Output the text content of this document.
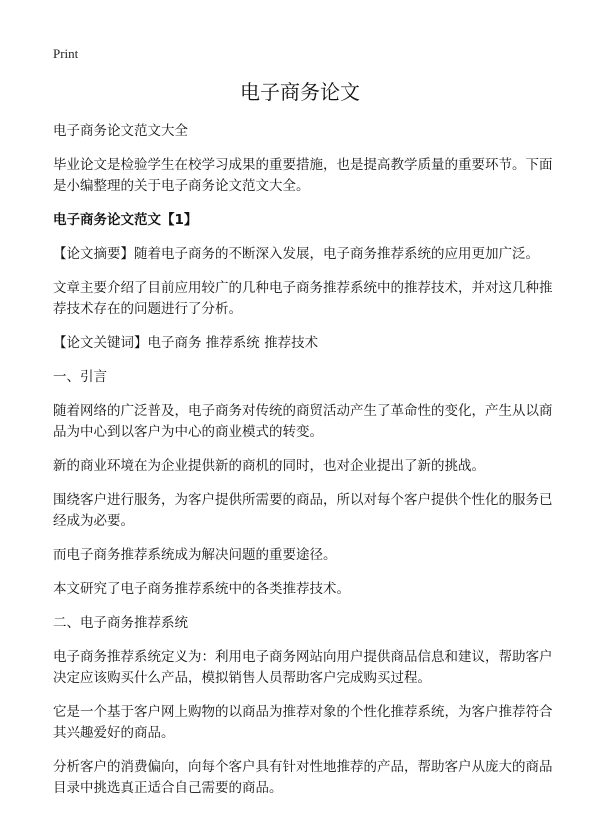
Print
电子商务论文

电子商务论文范文大全

毕业论文是检验学生在校学习成果的重要措施，也是提高教学质量的重要环节。下面是小编整理的关于电子商务论文范文大全。

电子商务论文范文【1】

【论文摘要】随着电子商务的不断深入发展，电子商务推荐系统的应用更加广泛。

文章主要介绍了目前应用较广的几种电子商务推荐系统中的推荐技术，并对这几种推荐技术存在的问题进行了分析。

【论文关键词】电子商务 推荐系统 推荐技术

一、引言

随着网络的广泛普及，电子商务对传统的商贸活动产生了革命性的变化，产生从以商品为中心到以客户为中心的商业模式的转变。

新的商业环境在为企业提供新的商机的同时，也对企业提出了新的挑战。

围绕客户进行服务，为客户提供所需要的商品，所以对每个客户提供个性化的服务已经成为必要。

而电子商务推荐系统成为解决问题的重要途径。

本文研究了电子商务推荐系统中的各类推荐技术。

二、电子商务推荐系统

电子商务推荐系统定义为：利用电子商务网站向用户提供商品信息和建议，帮助客户决定应该购买什么产品，模拟销售人员帮助客户完成购买过程。

它是一个基于客户网上购物的以商品为推荐对象的个性化推荐系统，为客户推荐符合其兴趣爱好的商品。

分析客户的消费偏向，向每个客户具有针对性地推荐的产品，帮助客户从庞大的商品目录中挑选真正适合自己需要的商品。
